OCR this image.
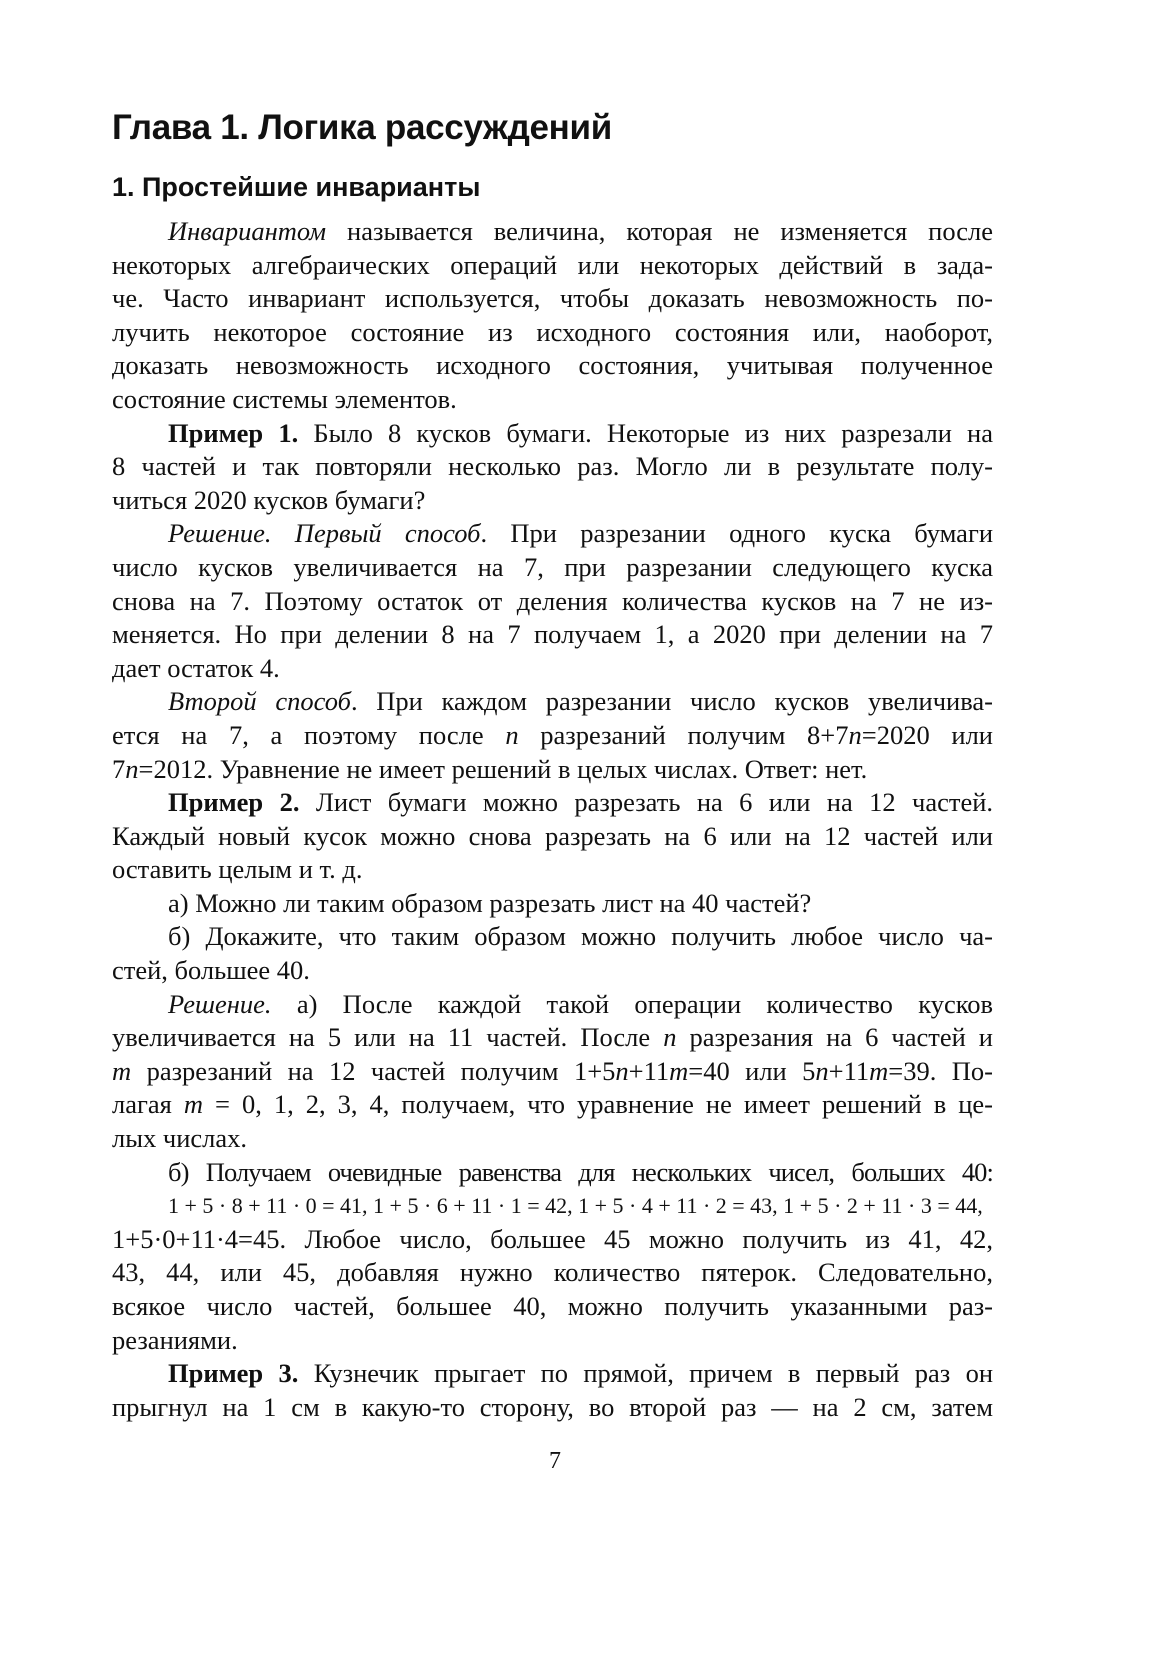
Глава 1. Логика рассуждений
1. Простейшие инварианты
Инвариантом называется величина, которая не изменяется после
некоторых алгебраических операций или некоторых действий в зада-
че. Часто инвариант используется, чтобы доказать невозможность по-
лучить некоторое состояние из исходного состояния или, наоборот,
доказать невозможность исходного состояния, учитывая полученное
состояние системы элементов.
Пример 1. Было 8 кусков бумаги. Некоторые из них разрезали на
8 частей и так повторяли несколько раз. Могло ли в результате полу-
читься 2020 кусков бумаги?
Решение. Первый способ. При разрезании одного куска бумаги
число кусков увеличивается на 7, при разрезании следующего куска
снова на 7. Поэтому остаток от деления количества кусков на 7 не из-
меняется. Но при делении 8 на 7 получаем 1, а 2020 при делении на 7
дает остаток 4.
Второй способ. При каждом разрезании число кусков увеличива-
ется на 7, а поэтому после n разрезаний получим 8+7n=2020 или
7n=2012. Уравнение не имеет решений в целых числах. Ответ: нет.
Пример 2. Лист бумаги можно разрезать на 6 или на 12 частей.
Каждый новый кусок можно снова разрезать на 6 или на 12 частей или
оставить целым и т. д.
а) Можно ли таким образом разрезать лист на 40 частей?
б) Докажите, что таким образом можно получить любое число ча-
стей, большее 40.
Решение. а) После каждой такой операции количество кусков
увеличивается на 5 или на 11 частей. После n разрезания на 6 частей и
m разрезаний на 12 частей получим 1+5n+11m=40 или 5n+11m=39. По-
лагая m = 0, 1, 2, 3, 4, получаем, что уравнение не имеет решений в це-
лых числах.
б) Получаем очевидные равенства для нескольких чисел, больших 40:
1 + 5 · 8 + 11 · 0 = 41, 1 + 5 · 6 + 11 · 1 = 42, 1 + 5 · 4 + 11 · 2 = 43, 1 + 5 · 2 + 11 · 3 = 44,
1+5·0+11·4=45. Любое число, большее 45 можно получить из 41, 42,
43, 44, или 45, добавляя нужно количество пятерок. Следовательно,
всякое число частей, большее 40, можно получить указанными раз-
резаниями.
Пример 3. Кузнечик прыгает по прямой, причем в первый раз он
прыгнул на 1 см в какую-то сторону, во второй раз — на 2 см, затем
7
